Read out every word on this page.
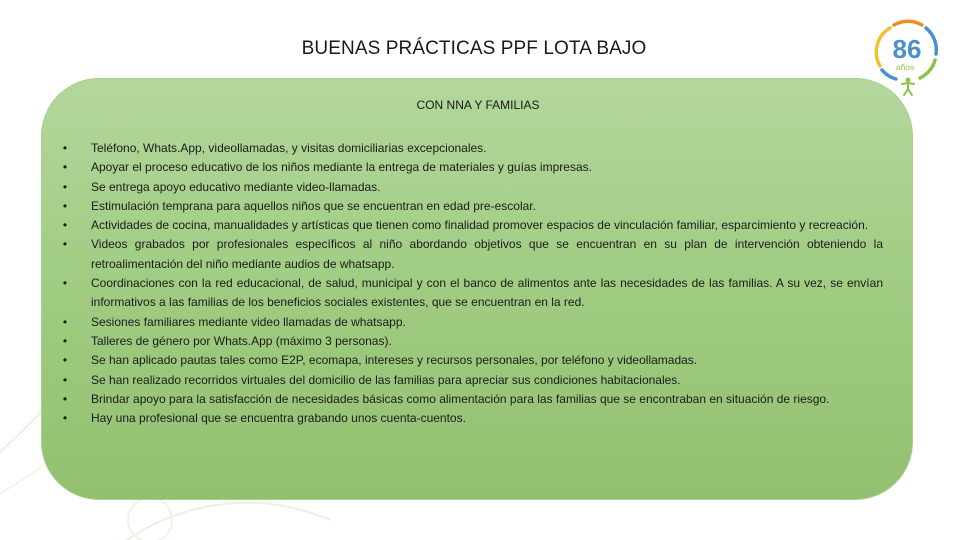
BUENAS PRÁCTICAS PPF LOTA BAJO	86
años
CON NNA Y FAMILIAS
• Teléfono, Whats.App, videollamadas, y visitas domiciliarias excepcionales.
• Apoyar el proceso educativo de los niños mediante la entrega de materiales y guías impresas.
• Se entrega apoyo educativo mediante video-llamadas.
• Estimulación temprana para aquellos niños que se encuentran en edad pre-escolar.
• Actividades de cocina, manualidades y artísticas que tienen como finalidad promover espacios de vinculación familiar, esparcimiento y recreación.
• Videos grabados por profesionales específicos al niño abordando objetivos que se encuentran en su plan de intervención obteniendo la retroalimentación del niño mediante audios de whatsapp.
• Coordinaciones con la red educacional, de salud, municipal y con el banco de alimentos ante las necesidades de las familias. A su vez, se envían informativos a las familias de los beneficios sociales existentes, que se encuentran en la red.
• Sesiones familiares mediante video llamadas de whatsapp.
• Talleres de género por Whats.App (máximo 3 personas).
• Se han aplicado pautas tales como E2P, ecomapa, intereses y recursos personales, por teléfono y videollamadas.
• Se han realizado recorridos virtuales del domicilio de las familias para apreciar sus condiciones habitacionales.
• Brindar apoyo para la satisfacción de necesidades básicas como alimentación para las familias que se encontraban en situación de riesgo.
• Hay una profesional que se encuentra grabando unos cuenta-cuentos.
